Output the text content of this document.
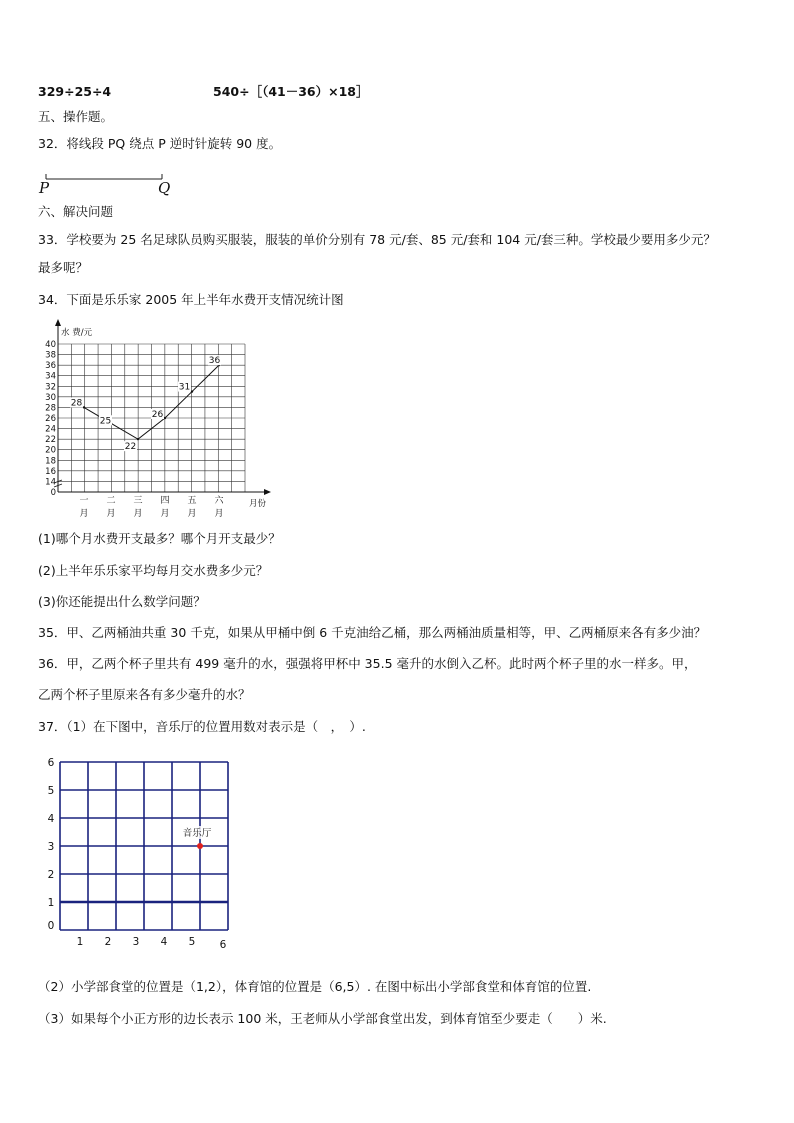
329÷25÷4	540÷［（41－36）×18］
五、操作题。
32．将线段 PQ 绕点 P 逆时针旋转 90 度。
P	Q
六、解决问题
33．学校要为 25 名足球队员购买服装，服装的单价分别有 78 元/套、85 元/套和 104 元/套三种。学校最少要用多少元？
最多呢？
34．下面是乐乐家 2005 年上半年水费开支情况统计图
0
14
16
18
20
22
24
26
28
30
32
34
36
38
40
水 费/元
月份
一
月
二
月
三
月
四
月
五
月
六
月
28
25
22
26
31
36
(1)哪个月水费开支最多？哪个月开支最少？
(2)上半年乐乐家平均每月交水费多少元？
(3)你还能提出什么数学问题？
35．甲、乙两桶油共重 30 千克，如果从甲桶中倒 6 千克油给乙桶，那么两桶油质量相等，甲、乙两桶原来各有多少油？
36．甲，乙两个杯子里共有 499 毫升的水，强强将甲杯中 35.5 毫升的水倒入乙杯。此时两个杯子里的水一样多。甲，
乙两个杯子里原来各有多少毫升的水？
37．（1）在下图中，音乐厅的位置用数对表示是（　，　）.
0
1
2
3
4
5
6
1 2 3 4 5 6
音乐厅
（2）小学部食堂的位置是（1,2），体育馆的位置是（6,5）. 在图中标出小学部食堂和体育馆的位置.
（3）如果每个小正方形的边长表示 100 米，王老师从小学部食堂出发，到体育馆至少要走（　　）米.
